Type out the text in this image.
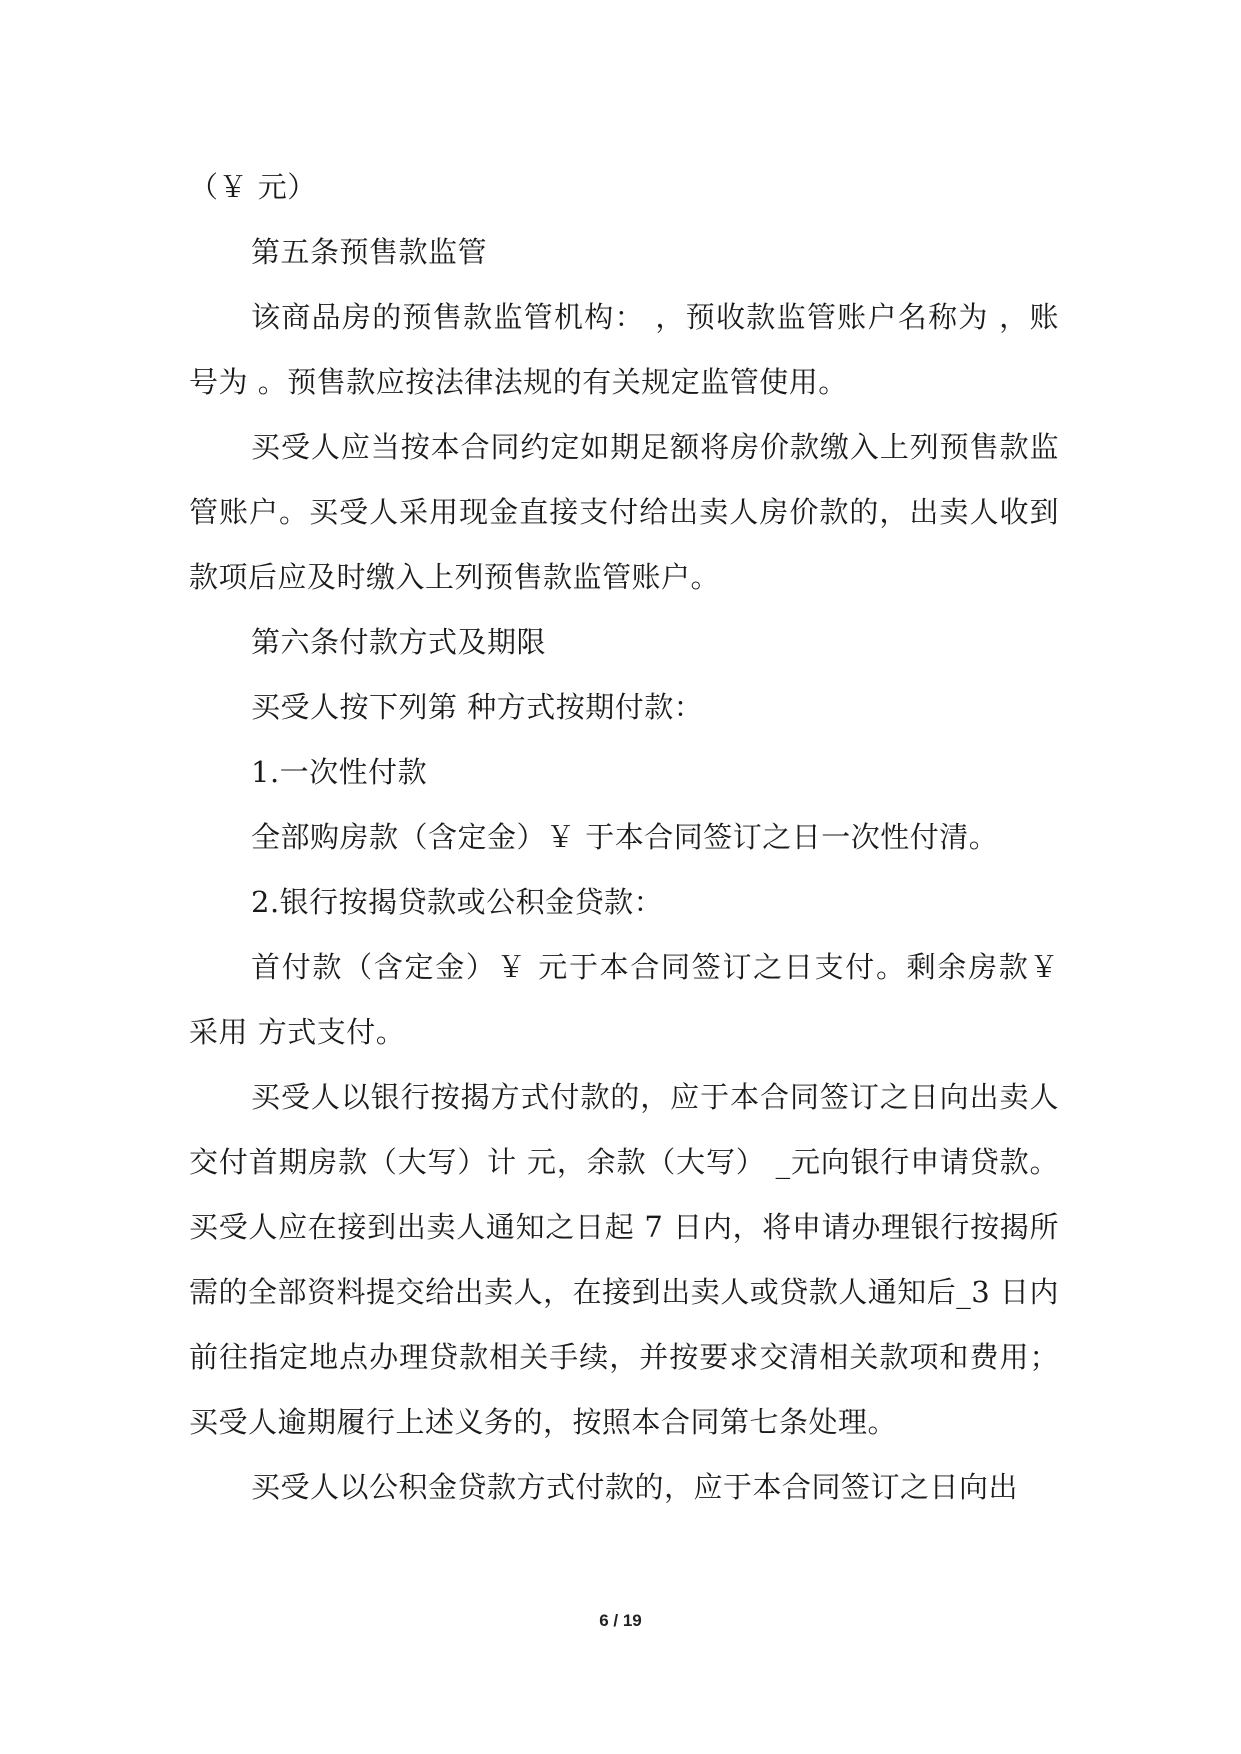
（￥ 元）

第五条预售款监管

该商品房的预售款监管机构： ，预收款监管账户名称为 ，账号为 。预售款应按法律法规的有关规定监管使用。

买受人应当按本合同约定如期足额将房价款缴入上列预售款监管账户。买受人采用现金直接支付给出卖人房价款的，出卖人收到款项后应及时缴入上列预售款监管账户。

第六条付款方式及期限

买受人按下列第 种方式按期付款：

1.一次性付款

全部购房款（含定金）￥ 于本合同签订之日一次性付清。

2.银行按揭贷款或公积金贷款：

首付款（含定金）￥ 元于本合同签订之日支付。剩余房款￥ 采用 方式支付。

买受人以银行按揭方式付款的，应于本合同签订之日向出卖人交付首期房款（大写）计 元，余款（大写） _元向银行申请贷款。买受人应在接到出卖人通知之日起 7 日内，将申请办理银行按揭所需的全部资料提交给出卖人，在接到出卖人或贷款人通知后_3 日内前往指定地点办理贷款相关手续，并按要求交清相关款项和费用；买受人逾期履行上述义务的，按照本合同第七条处理。

买受人以公积金贷款方式付款的，应于本合同签订之日向出

6 / 19
